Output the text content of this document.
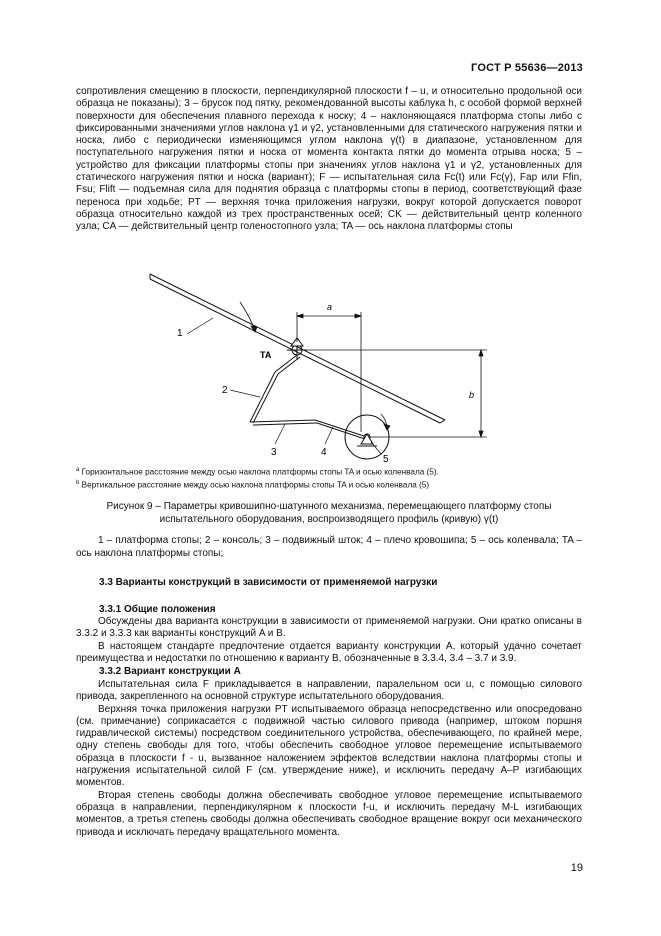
ГОСТ Р 55636—2013

сопротивления смещению в плоскости, перпендикулярной плоскости f – u, и относительно продольной оси образца не показаны); 3 – брусок под пятку, рекомендованной высоты каблука h, с особой формой верхней поверхности для обеспечения плавного перехода к носку; 4 – наклоняющаяся платформа стопы либо с фиксированными значениями углов наклона γ1 и γ2, установленными для статического нагружения пятки и носка, либо с периодически изменяющимся углом наклона γ(t) в диапазоне, установленном для поступательного нагружения пятки и носка от момента контакта пятки до момента отрыва носка; 5 – устройство для фиксации платформы стопы при значениях углов наклона γ1 и γ2, установленных для статического нагружения пятки и носка (вариант); F — испытательная сила Fc(t) или Fc(γ), Fap или Ffin, Fsu; Flift — подъемная сила для поднятия образца с платформы стопы в период, соответствующий фазе переноса при ходьбе; PT — верхняя точка приложения нагрузки, вокруг которой допускается поворот образца относительно каждой из трех пространственных осей; CK — действительный центр коленного узла; CA — действительный центр голеностопного узла; TA — ось наклона платформы стопы

a
b
1
2
3	4
5
TA
$^a$ Горизонтальное расстояние между осью наклона платформы стопы TA и осью коленвала (5).
$^b$ Вертикальное расстояние между осью наклона платформы стопы TA и осью коленвала (5)
Рисунок 9 – Параметры кривошипно-шатунного механизма, перемещающего платформу стопы
испытательного оборудования, воспроизводящего профиль (кривую) γ(t)
1 – платформа стопы; 2 – консоль; 3 – подвижный шток; 4 – плечо кровошипа; 5 – ось коленвала; TA – ось наклона платформы стопы;
3.3 Варианты конструкций в зависимости от применяемой нагрузки
3.3.1 Общие положения

Обсуждены два варианта конструкции в зависимости от применяемой нагрузки. Они кратко описаны в 3.3.2 и 3.3.3 как варианты конструкций A и B.

В настоящем стандарте предпочтение отдается варианту конструкции A, который удачно сочетает преимущества и недостатки по отношению к варианту B, обозначенные в 3.3.4, 3.4 – 3.7 и 3.9.

3.3.2 Вариант конструкции A

Испытательная сила F прикладывается в направлении, паралельном оси u, с помощью силового привода, закрепленного на основной структуре испытательного оборудования.

Верхняя точка приложения нагрузки PT испытываемого образца непосредственно или опосредовано (см. примечание) соприкасается с подвижной частью силового привода (например, штоком поршня гидравлической системы) посредством соединительного устройства, обеспечивающего, по крайней мере, одну степень свободы для того, чтобы обеспечить свободное угловое перемещение испытываемого образца в плоскости f - u, вызванное наложением эффектов вследствии наклона платформы стопы и нагружения испытательной силой F (см. утверждение ниже), и исключить передачу A–P изгибающих моментов.

Вторая степень свободы должна обеспечивать свободное угловое перемещение испытываемого образца в направлении, перпендикулярном к плоскости f-u, и исключить передачу M-L изгибающих моментов, а третья степень свободы должна обеспечивать свободное вращение вокруг оси механического привода и исключать передачу вращательного момента.

19
